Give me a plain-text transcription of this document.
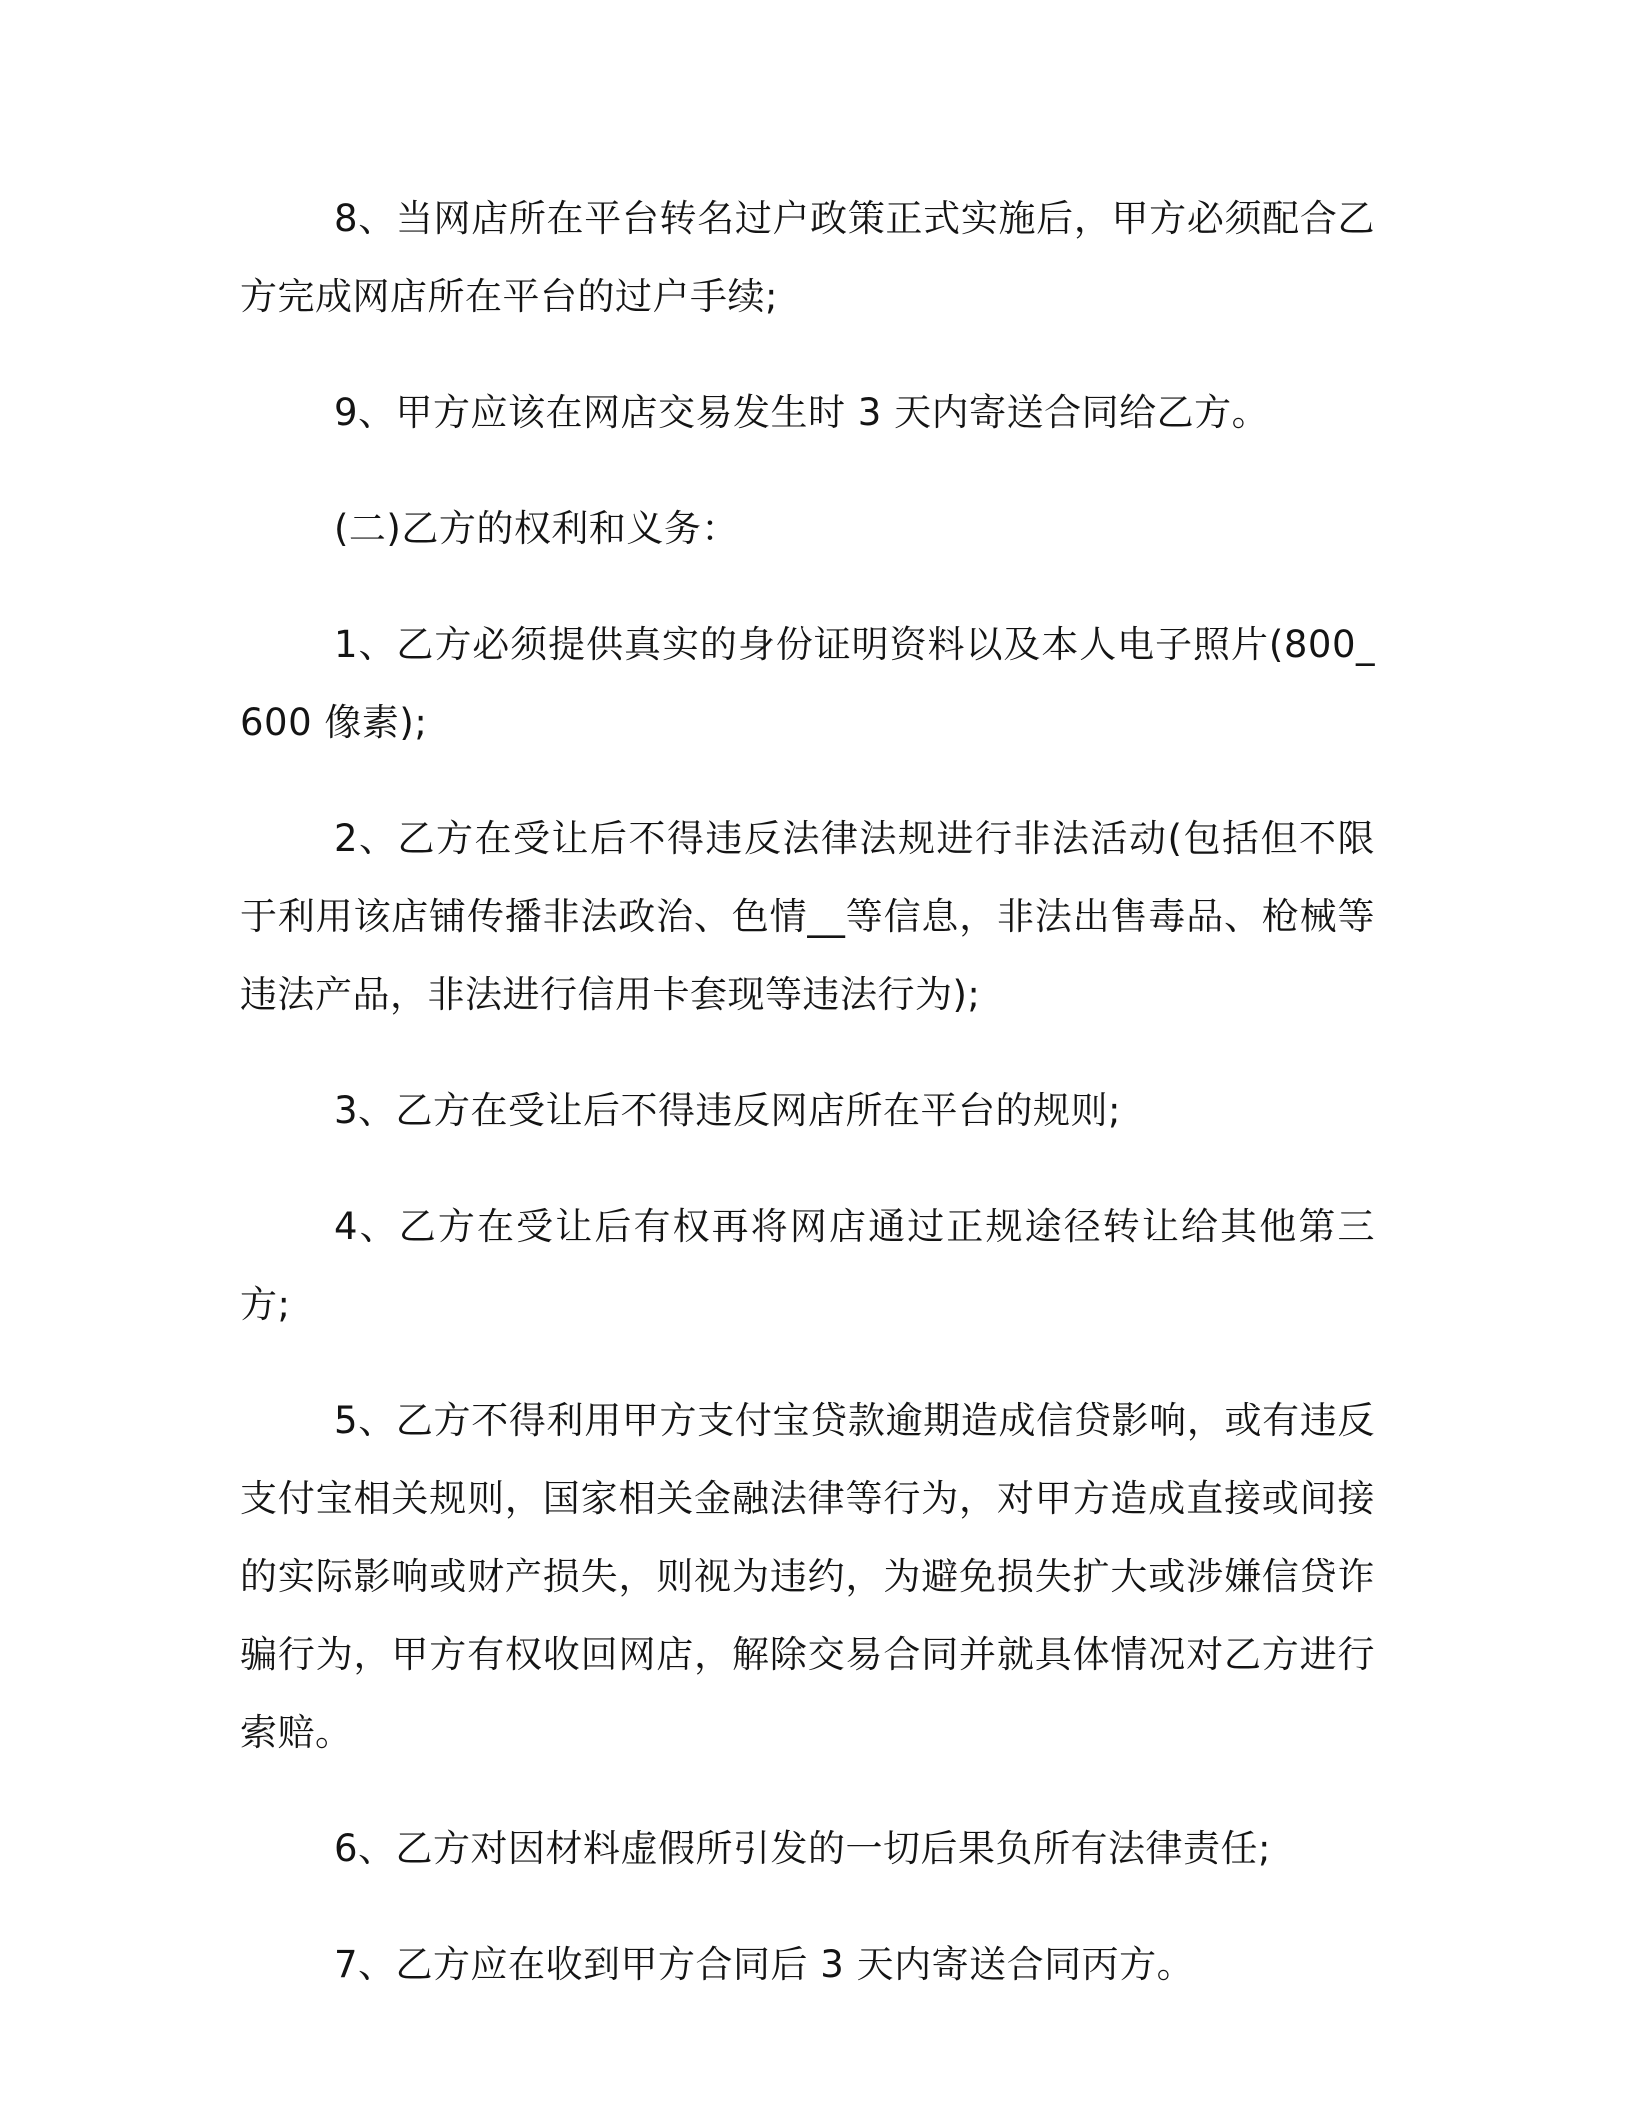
8、当网店所在平台转名过户政策正式实施后，甲方必须配合乙方完成网店所在平台的过户手续;

9、甲方应该在网店交易发生时 3 天内寄送合同给乙方。

(二)乙方的权利和义务：

1、乙方必须提供真实的身份证明资料以及本人电子照片(800_600 像素);

2、乙方在受让后不得违反法律法规进行非法活动(包括但不限于利用该店铺传播非法政治、色情__等信息，非法出售毒品、枪械等违法产品，非法进行信用卡套现等违法行为);

3、乙方在受让后不得违反网店所在平台的规则;

4、乙方在受让后有权再将网店通过正规途径转让给其他第三方;

5、乙方不得利用甲方支付宝贷款逾期造成信贷影响，或有违反支付宝相关规则，国家相关金融法律等行为，对甲方造成直接或间接的实际影响或财产损失，则视为违约，为避免损失扩大或涉嫌信贷诈骗行为，甲方有权收回网店，解除交易合同并就具体情况对乙方进行索赔。

6、乙方对因材料虚假所引发的一切后果负所有法律责任;

7、乙方应在收到甲方合同后 3 天内寄送合同丙方。
